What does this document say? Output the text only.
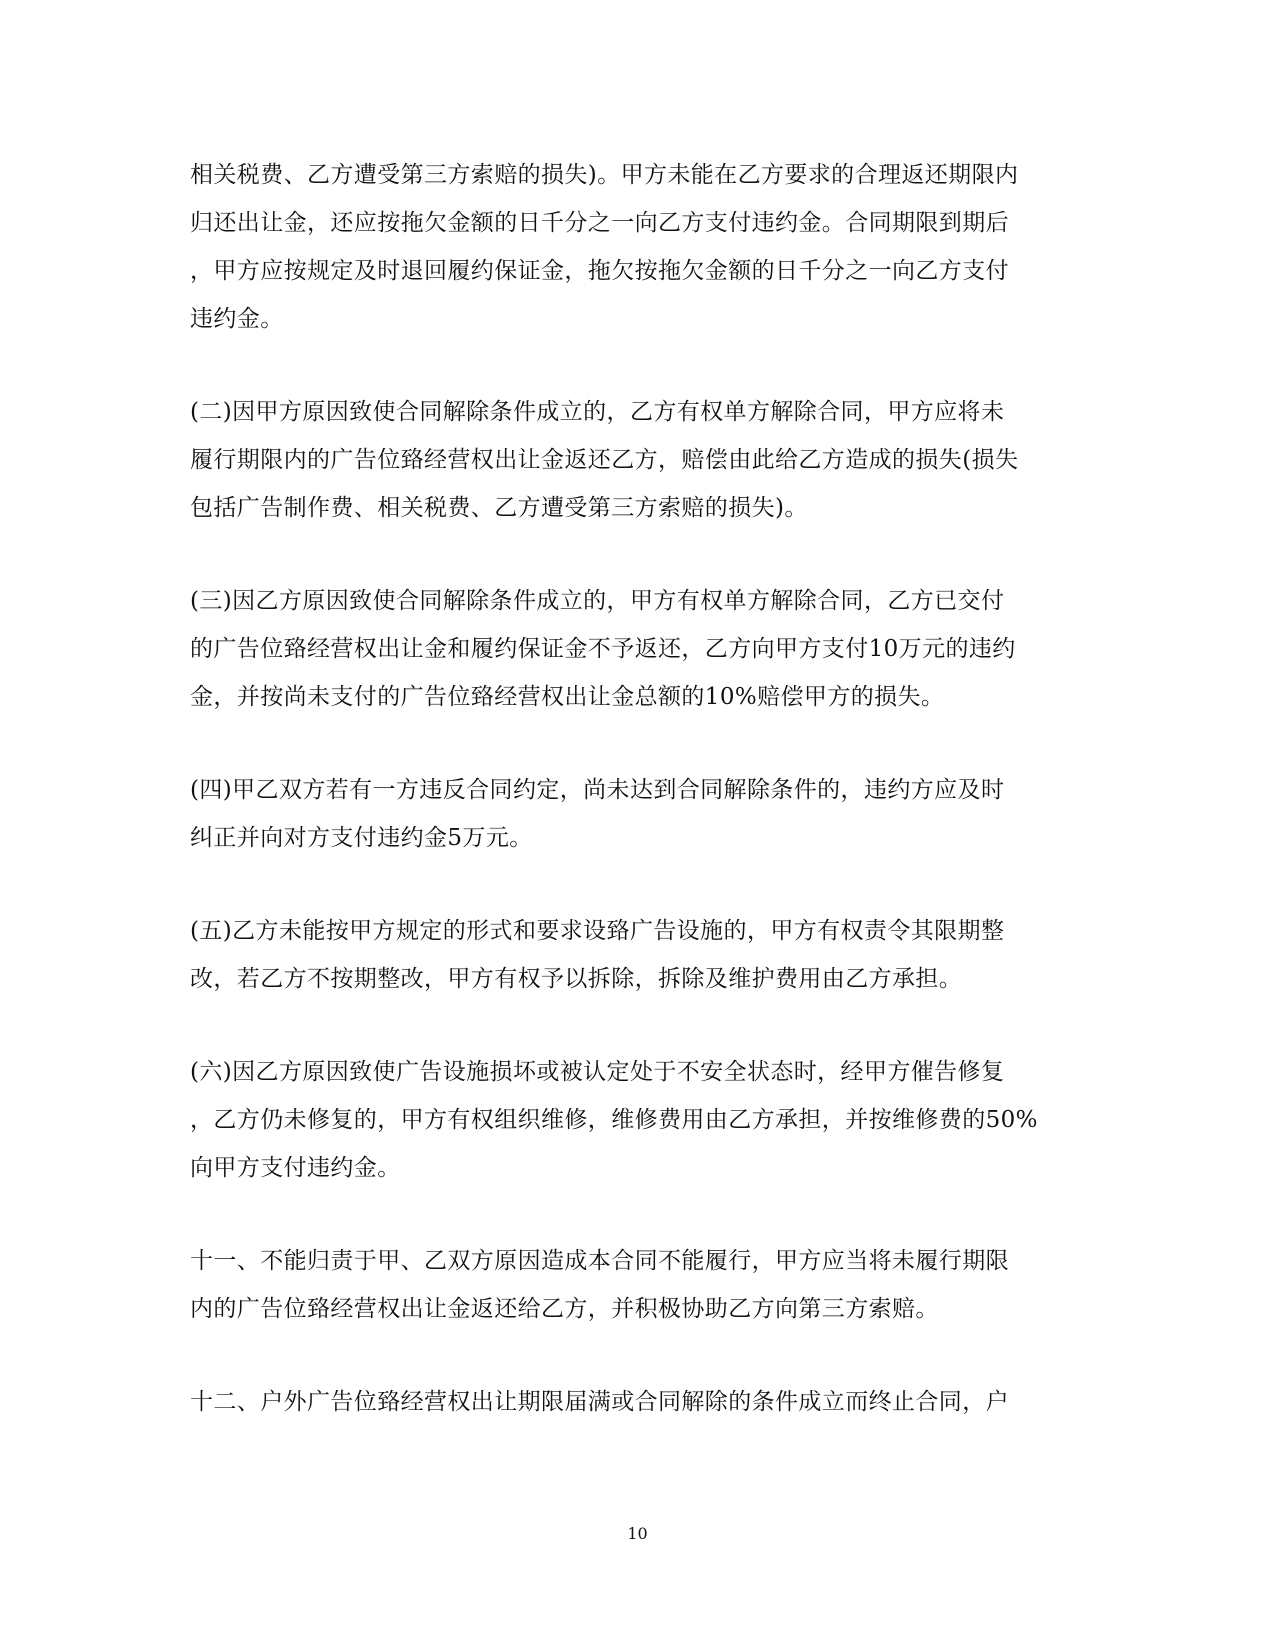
相关税费、乙方遭受第三方索赔的损失)。甲方未能在乙方要求的合理返还期限内
归还出让金，还应按拖欠金额的日千分之一向乙方支付违约金。合同期限到期后
，甲方应按规定及时退回履约保证金，拖欠按拖欠金额的日千分之一向乙方支付
违约金。
(二)因甲方原因致使合同解除条件成立的，乙方有权单方解除合同，甲方应将未
履行期限内的广告位臵经营权出让金返还乙方，赔偿由此给乙方造成的损失(损失
包括广告制作费、相关税费、乙方遭受第三方索赔的损失)。
(三)因乙方原因致使合同解除条件成立的，甲方有权单方解除合同，乙方已交付
的广告位臵经营权出让金和履约保证金不予返还，乙方向甲方支付10万元的违约
金，并按尚未支付的广告位臵经营权出让金总额的10%赔偿甲方的损失。
(四)甲乙双方若有一方违反合同约定，尚未达到合同解除条件的，违约方应及时
纠正并向对方支付违约金5万元。
(五)乙方未能按甲方规定的形式和要求设臵广告设施的，甲方有权责令其限期整
改，若乙方不按期整改，甲方有权予以拆除，拆除及维护费用由乙方承担。
(六)因乙方原因致使广告设施损坏或被认定处于不安全状态时，经甲方催告修复
，乙方仍未修复的，甲方有权组织维修，维修费用由乙方承担，并按维修费的50%
向甲方支付违约金。
十一、不能归责于甲、乙双方原因造成本合同不能履行，甲方应当将未履行期限
内的广告位臵经营权出让金返还给乙方，并积极协助乙方向第三方索赔。
十二、户外广告位臵经营权出让期限届满或合同解除的条件成立而终止合同，户
10
